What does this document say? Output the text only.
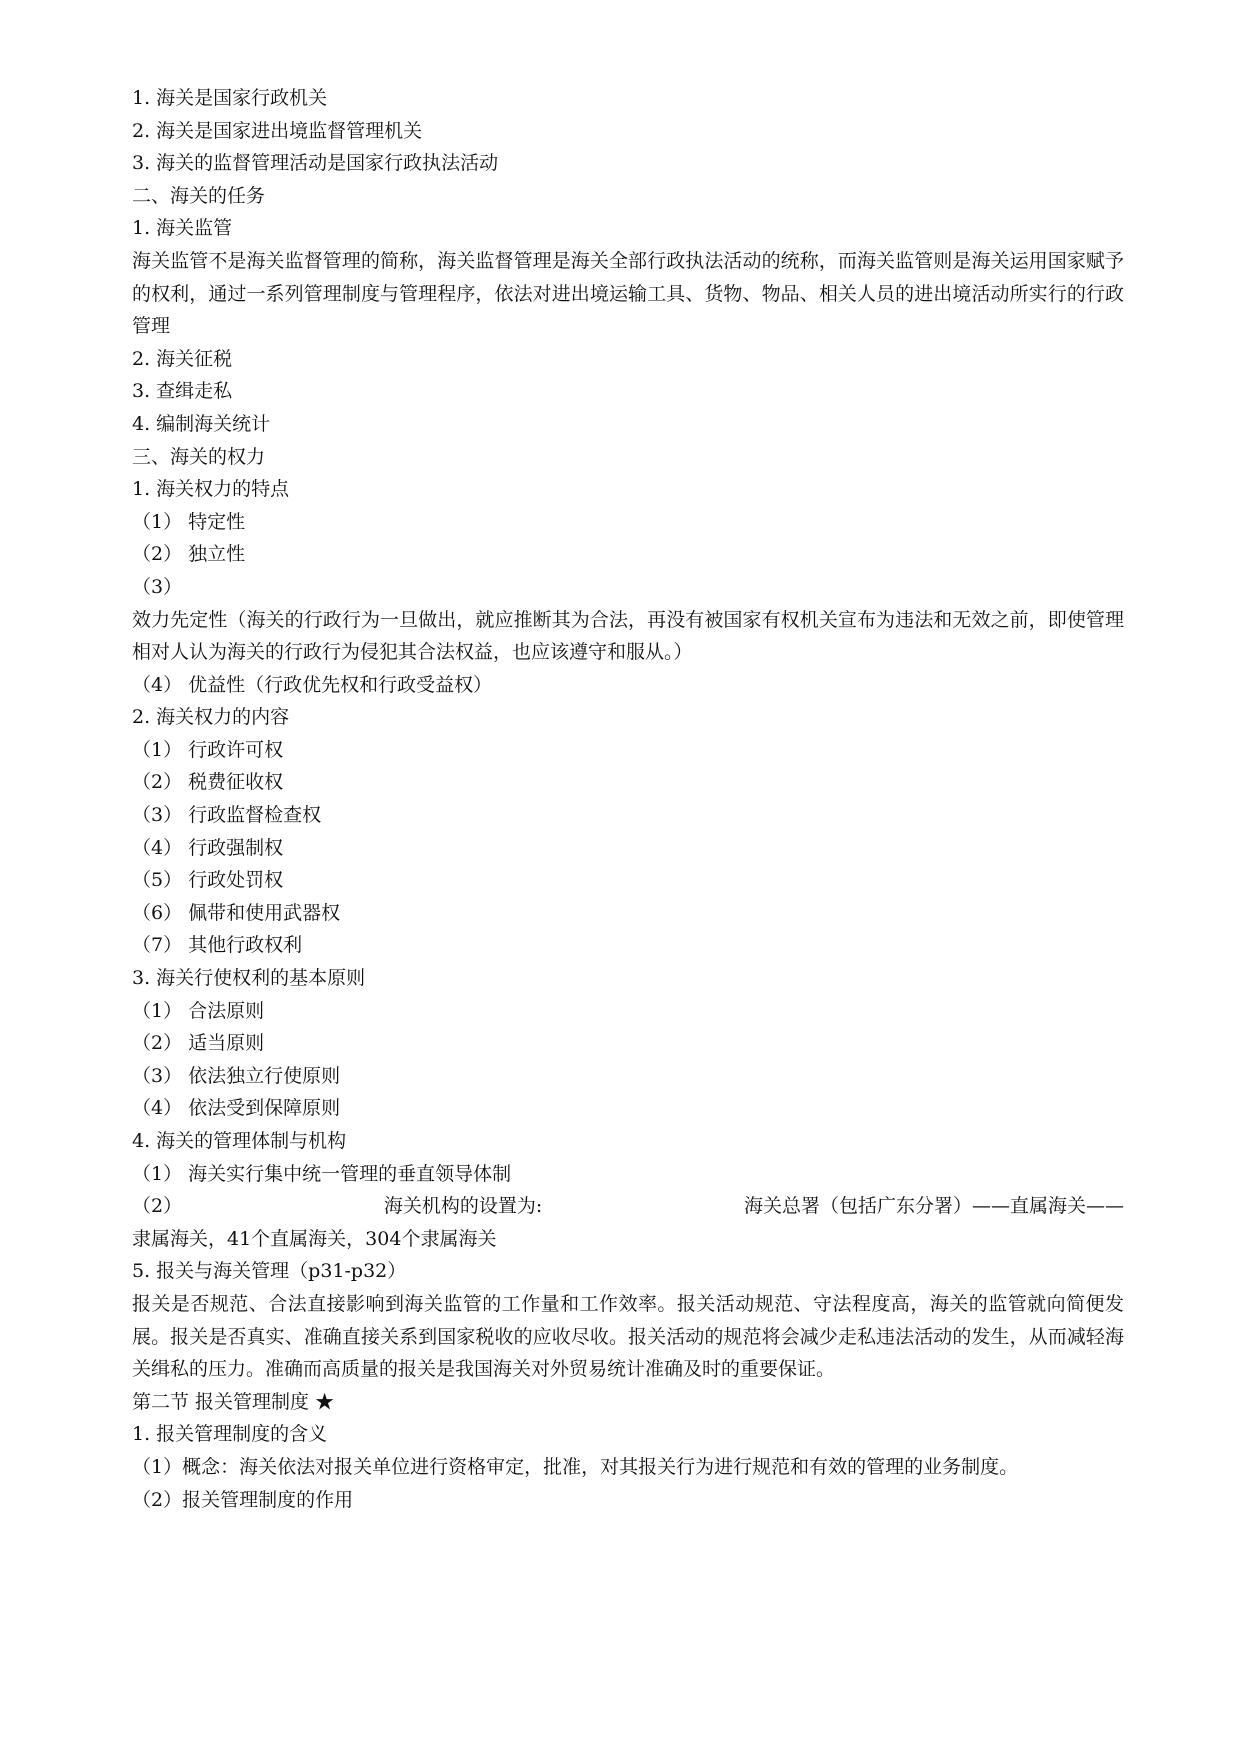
1. 海关是国家行政机关

2. 海关是国家进出境监督管理机关

3. 海关的监督管理活动是国家行政执法活动

二、海关的任务

1. 海关监管

海关监管不是海关监督管理的简称，海关监督管理是海关全部行政执法活动的统称，而海关监管则是海关运用国家赋予的权利，通过一系列管理制度与管理程序，依法对进出境运输工具、货物、物品、相关人员的进出境活动所实行的行政管理

2. 海关征税

3. 查缉走私

4. 编制海关统计

三、海关的权力

1. 海关权力的特点

（1） 特定性

（2） 独立性

（3）

效力先定性（海关的行政行为一旦做出，就应推断其为合法，再没有被国家有权机关宣布为违法和无效之前，即使管理相对人认为海关的行政行为侵犯其合法权益，也应该遵守和服从。）

（4） 优益性（行政优先权和行政受益权）

2. 海关权力的内容

（1） 行政许可权

（2） 税费征收权

（3） 行政监督检查权

（4） 行政强制权

（5） 行政处罚权

（6） 佩带和使用武器权

（7） 其他行政权利

3. 海关行使权利的基本原则

（1） 合法原则

（2） 适当原则

（3） 依法独立行使原则

（4） 依法受到保障原则

4. 海关的管理体制与机构

（1） 海关实行集中统一管理的垂直领导体制

（2）	海关机构的设置为:	海关总署（包括广东分署）——直属海关——

隶属海关，41个直属海关，304个隶属海关

5. 报关与海关管理（p31-p32）

报关是否规范、合法直接影响到海关监管的工作量和工作效率。报关活动规范、守法程度高，海关的监管就向简便发展。报关是否真实、准确直接关系到国家税收的应收尽收。报关活动的规范将会减少走私违法活动的发生，从而减轻海关缉私的压力。准确而高质量的报关是我国海关对外贸易统计准确及时的重要保证。

第二节 报关管理制度 ★

1. 报关管理制度的含义

（1）概念：海关依法对报关单位进行资格审定，批准，对其报关行为进行规范和有效的管理的业务制度。

（2）报关管理制度的作用
